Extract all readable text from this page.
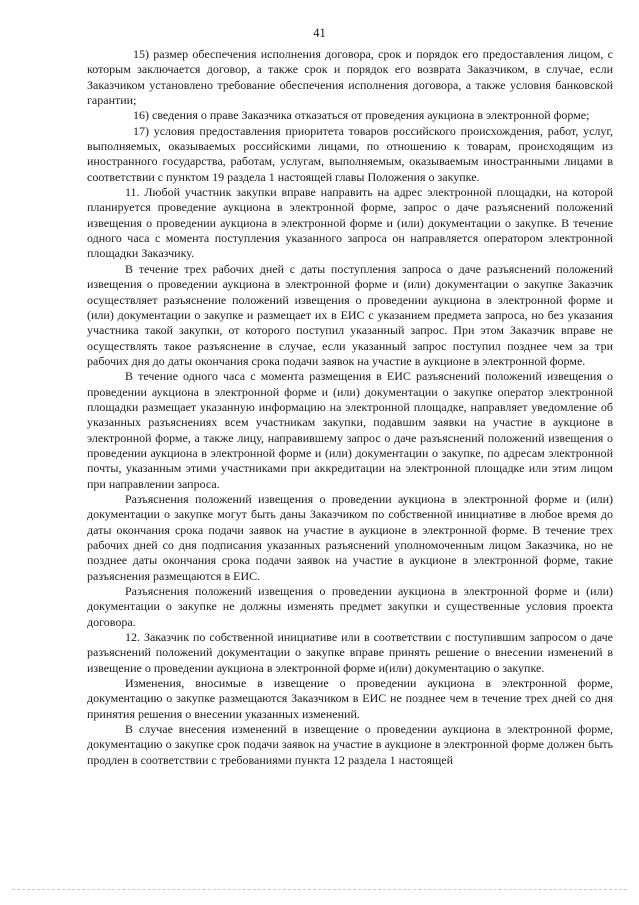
41

15) размер обеспечения исполнения договора, срок и порядок его предоставления лицом, с которым заключается договор, а также срок и порядок его возврата Заказчиком, в случае, если Заказчиком установлено требование обеспечения исполнения договора, а также условия банковской гарантии;

16) сведения о праве Заказчика отказаться от проведения аукциона в электронной форме;

17) условия предоставления приоритета товаров российского происхождения, работ, услуг, выполняемых, оказываемых российскими лицами, по отношению к товарам, происходящим из иностранного государства, работам, услугам, выполняемым, оказываемым иностранными лицами в соответствии с пунктом 19 раздела 1 настоящей главы Положения о закупке.

11. Любой участник закупки вправе направить на адрес электронной площадки, на которой планируется проведение аукциона в электронной форме, запрос о даче разъяснений положений извещения о проведении аукциона в электронной форме и (или) документации о закупке. В течение одного часа с момента поступления указанного запроса он направляется оператором электронной площадки Заказчику.

В течение трех рабочих дней с даты поступления запроса о даче разъяснений положений извещения о проведении аукциона в электронной форме и (или) документации о закупке Заказчик осуществляет разъяснение положений извещения о проведении аукциона в электронной форме и (или) документации о закупке и размещает их в ЕИС с указанием предмета запроса, но без указания участника такой закупки, от которого поступил указанный запрос. При этом Заказчик вправе не осуществлять такое разъяснение в случае, если указанный запрос поступил позднее чем за три рабочих дня до даты окончания срока подачи заявок на участие в аукционе в электронной форме.

В течение одного часа с момента размещения в ЕИС разъяснений положений извещения о проведении аукциона в электронной форме и (или) документации о закупке оператор электронной площадки размещает указанную информацию на электронной площадке, направляет уведомление об указанных разъяснениях всем участникам закупки, подавшим заявки на участие в аукционе в электронной форме, а также лицу, направившему запрос о даче разъяснений положений извещения о проведении аукциона в электронной форме и (или) документации о закупке, по адресам электронной почты, указанным этими участниками при аккредитации на электронной площадке или этим лицом при направлении запроса.

Разъяснения положений извещения о проведении аукциона в электронной форме и (или) документации о закупке могут быть даны Заказчиком по собственной инициативе в любое время до даты окончания срока подачи заявок на участие в аукционе в электронной форме. В течение трех рабочих дней со дня подписания указанных разъяснений уполномоченным лицом Заказчика, но не позднее даты окончания срока подачи заявок на участие в аукционе в электронной форме, такие разъяснения размещаются в ЕИС.

Разъяснения положений извещения о проведении аукциона в электронной форме и (или) документации о закупке не должны изменять предмет закупки и существенные условия проекта договора.

12. Заказчик по собственной инициативе или в соответствии с поступившим запросом о даче разъяснений положений документации о закупке вправе принять решение о внесении изменений в извещение о проведении аукциона в электронной форме и(или) документацию о закупке.

Изменения, вносимые в извещение о проведении аукциона в электронной форме, документацию о закупке размещаются Заказчиком в ЕИС не позднее чем в течение трех дней со дня принятия решения о внесении указанных изменений.

В случае внесения изменений в извещение о проведении аукциона в электронной форме, документацию о закупке срок подачи заявок на участие в аукционе в электронной форме должен быть продлен в соответствии с требованиями пункта 12 раздела 1 настоящей
